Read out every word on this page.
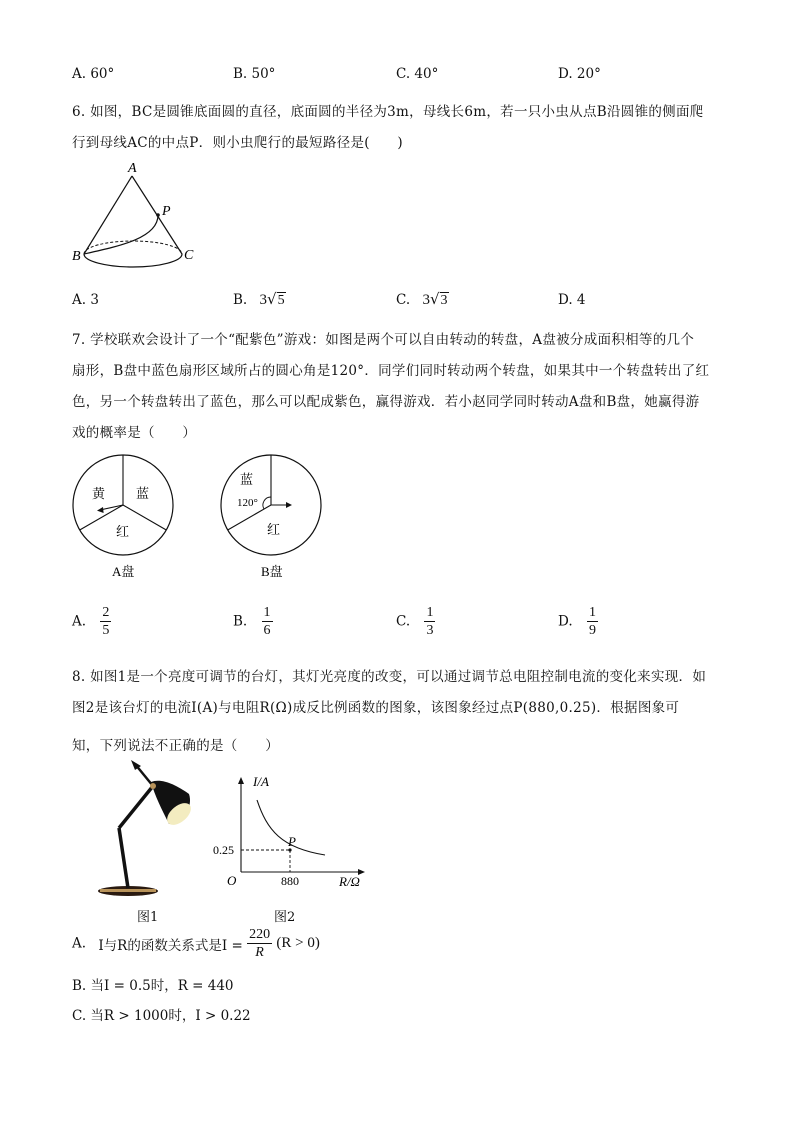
A. 60°	B. 50°	C. 40°	D. 20°
6. 如图，BC是圆锥底面圆的直径，底面圆的半径为3m，母线长6m，若一只小虫从点B沿圆锥的侧面爬
行到母线AC的中点P．则小虫爬行的最短路径是(　　)
A
P
B	C
A. 3	B. 3√5	C. 3√3	D. 4
7. 学校联欢会设计了一个“配紫色”游戏：如图是两个可以自由转动的转盘，A盘被分成面积相等的几个
扇形，B盘中蓝色扇形区域所占的圆心角是120°．同学们同时转动两个转盘，如果其中一个转盘转出了红
色，另一个转盘转出了蓝色，那么可以配成紫色，赢得游戏．若小赵同学同时转动A盘和B盘，她赢得游
戏的概率是（　　）
黄 蓝
红
A盘
蓝
120°
红
B盘
A. $\frac{2}{5}$	B. $\frac{1}{6}$	C. $\frac{1}{3}$	D. $\frac{1}{9}$
8. 如图1是一个亮度可调节的台灯，其灯光亮度的改变，可以通过调节总电阻控制电流的变化来实现．如
图2是该台灯的电流I(A)与电阻R(Ω)成反比例函数的图象，该图象经过点P(880,0.25)．根据图象可
知，下列说法不正确的是（　　）
图1
I/A
R/Ω
0.25
880
O
P
图2
A. I与R的函数关系式是$I = \frac{220}{R} (R > 0)$
B. 当I = 0.5时，R = 440
C. 当R > 1000时，I > 0.22
